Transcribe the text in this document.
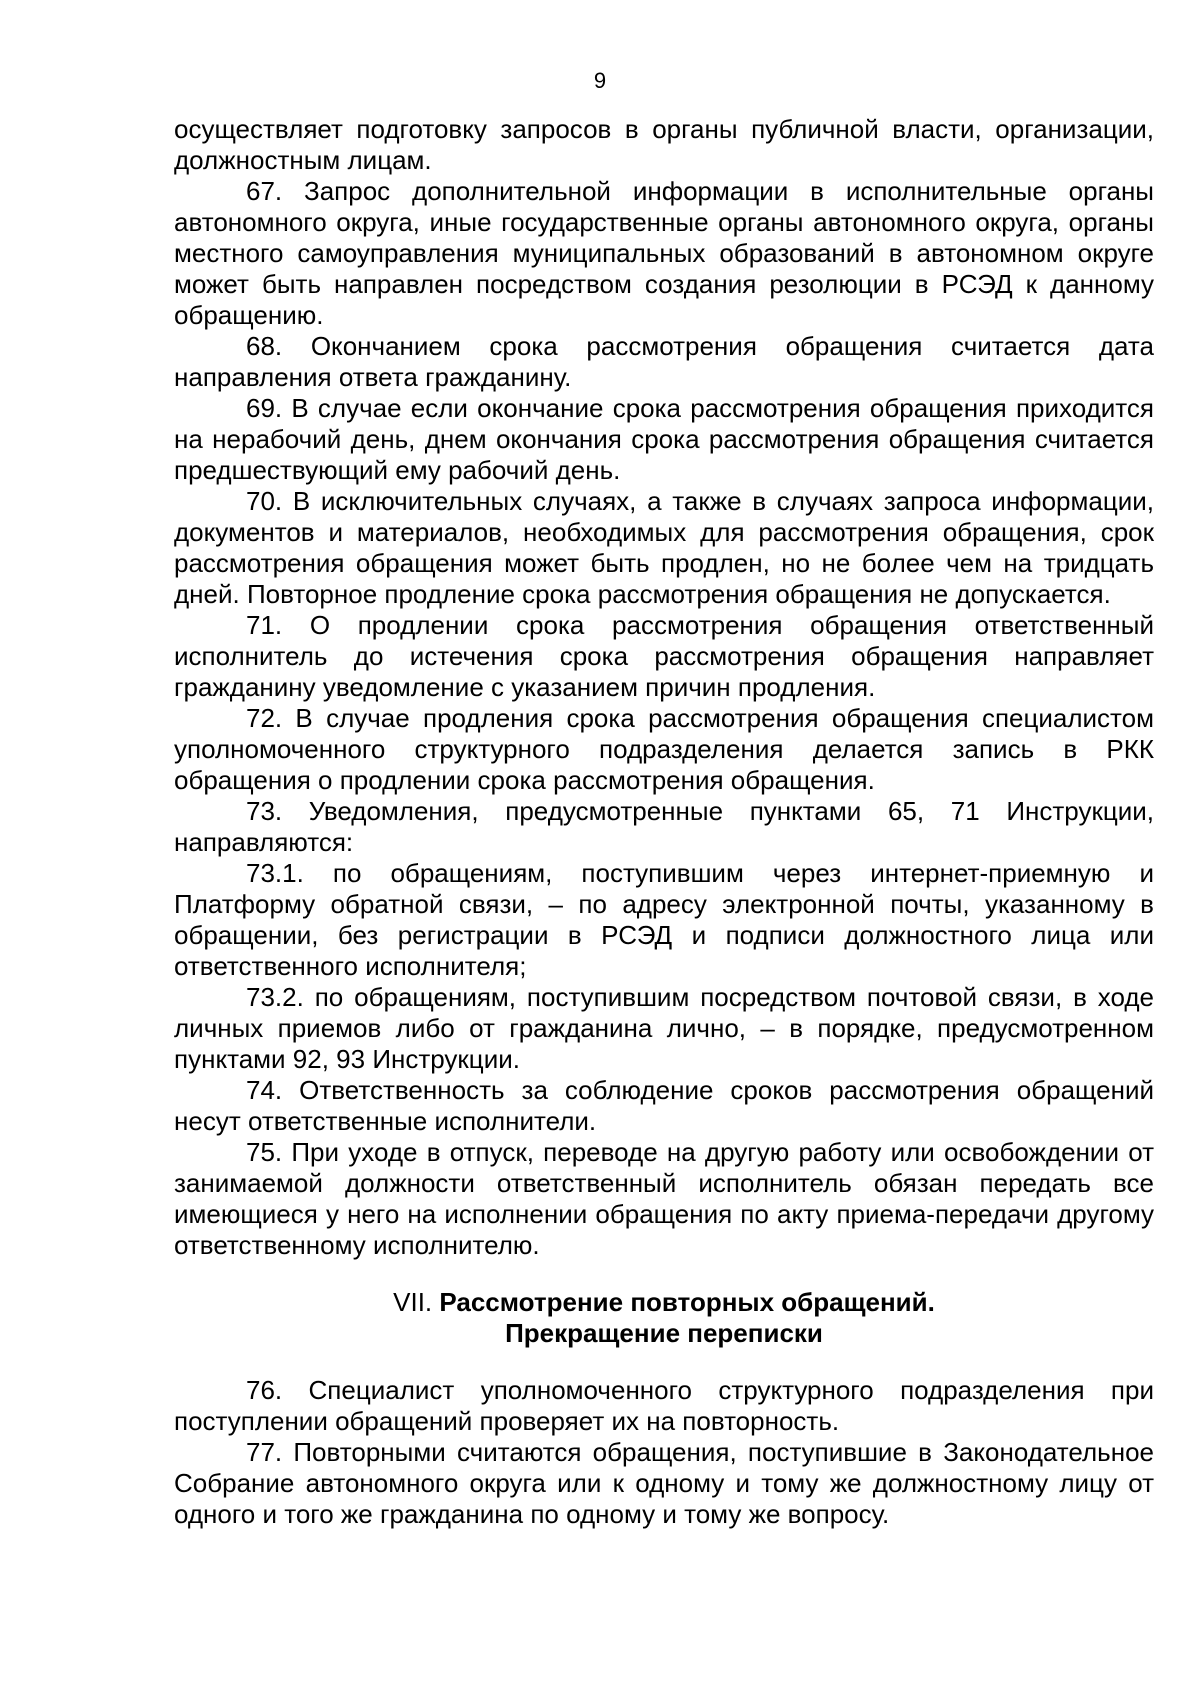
9

осуществляет подготовку запросов в органы публичной власти, организации, должностным лицам.

67. Запрос дополнительной информации в исполнительные органы автономного округа, иные государственные органы автономного округа, органы местного самоуправления муниципальных образований в автономном округе может быть направлен посредством создания резолюции в РСЭД к данному обращению.

68. Окончанием срока рассмотрения обращения считается дата направления ответа гражданину.

69. В случае если окончание срока рассмотрения обращения приходится на нерабочий день, днем окончания срока рассмотрения обращения считается предшествующий ему рабочий день.

70. В исключительных случаях, а также в случаях запроса информации, документов и материалов, необходимых для рассмотрения обращения, срок рассмотрения обращения может быть продлен, но не более чем на тридцать дней. Повторное продление срока рассмотрения обращения не допускается.

71. О продлении срока рассмотрения обращения ответственный исполнитель до истечения срока рассмотрения обращения направляет гражданину уведомление с указанием причин продления.

72. В случае продления срока рассмотрения обращения специалистом уполномоченного структурного подразделения делается запись в РКК обращения о продлении срока рассмотрения обращения.

73. Уведомления, предусмотренные пунктами 65, 71 Инструкции, направляются:

73.1. по обращениям, поступившим через интернет-приемную и Платформу обратной связи, – по адресу электронной почты, указанному в обращении, без регистрации в РСЭД и подписи должностного лица или ответственного исполнителя;

73.2. по обращениям, поступившим посредством почтовой связи, в ходе личных приемов либо от гражданина лично, – в порядке, предусмотренном пунктами 92, 93 Инструкции.

74. Ответственность за соблюдение сроков рассмотрения обращений несут ответственные исполнители.

75. При уходе в отпуск, переводе на другую работу или освобождении от занимаемой должности ответственный исполнитель обязан передать все имеющиеся у него на исполнении обращения по акту приема-передачи другому ответственному исполнителю.

VII. Рассмотрение повторных обращений.
Прекращение переписки

76. Специалист уполномоченного структурного подразделения при поступлении обращений проверяет их на повторность.

77. Повторными считаются обращения, поступившие в Законодательное Собрание автономного округа или к одному и тому же должностному лицу от одного и того же гражданина по одному и тому же вопросу.
